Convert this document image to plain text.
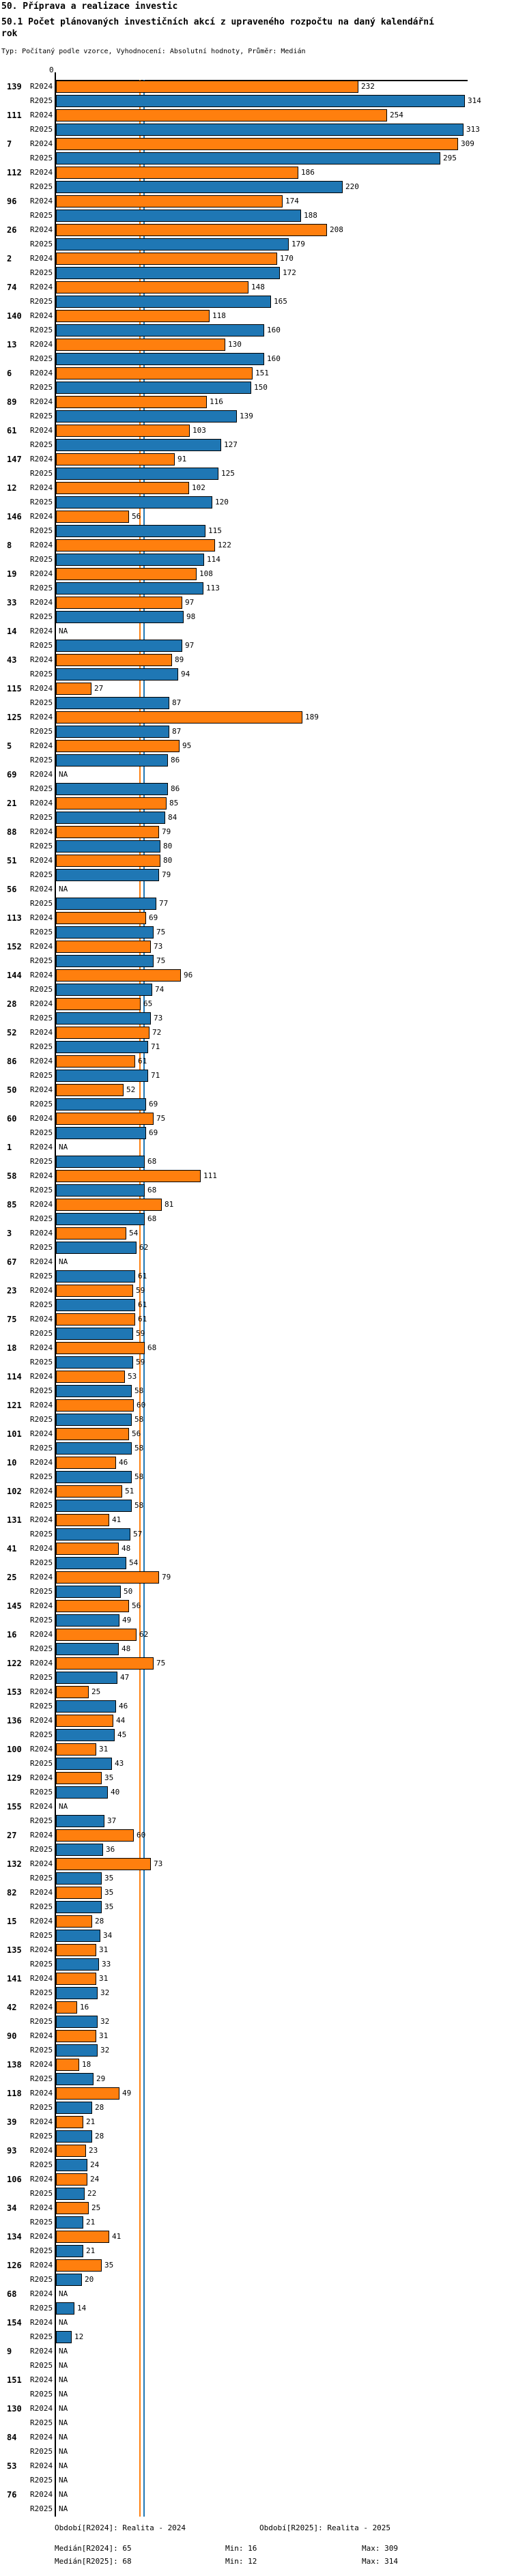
50. Příprava a realizace investic
50.1 Počet plánovaných investičních akcí z upraveného rozpočtu na daný kalendářní rok
Typ: Počítaný podle vzorce, Vyhodnocení: Absolutní hodnoty, Průměr: Medián
0
139	R2024	232
R2025	314
111	R2024	254
R2025	313
7	R2024	309
R2025	295
112	R2024	186
R2025	220
96	R2024	174
R2025	188
26	R2024	208
R2025	179
2	R2024	170
R2025	172
74	R2024	148
R2025	165
140	R2024	118
R2025	160
13	R2024	130
R2025	160
6	R2024	151
R2025	150
89	R2024	116
R2025	139
61	R2024	103
R2025	127
147	R2024	91
R2025	125
12	R2024	102
R2025	120
146	R2024	56
R2025	115
8	R2024	122
R2025	114
19	R2024	108
R2025	113
33	R2024	97
R2025	98
14	R2024 NA
R2025	97
43	R2024	89
R2025	94
115	R2024	27
R2025	87
125	R2024	189
R2025	87
5	R2024	95
R2025	86
69	R2024 NA
R2025	86
21	R2024	85
R2025	84
88	R2024	79
R2025	80
51	R2024	80
R2025	79
56	R2024 NA
R2025	77
113	R2024	69
R2025	75
152	R2024	73
R2025	75
144	R2024	96
R2025	74
28	R2024	65
R2025	73
52	R2024	72
R2025	71
86	R2024	61
R2025	71
50	R2024	52
R2025	69
60	R2024	75
R2025	69
1	R2024 NA
R2025	68
58	R2024	111
R2025	68
85	R2024	81
R2025	68
3	R2024	54
R2025	62
67	R2024 NA
R2025	61
23	R2024	59
R2025	61
75	R2024	61
R2025	59
18	R2024	68
R2025	59
114	R2024	53
R2025	58
121	R2024	60
R2025	58
101	R2024	56
R2025	58
10	R2024	46
R2025	58
102	R2024	51
R2025	58
131	R2024	41
R2025	57
41	R2024	48
R2025	54
25	R2024	79
R2025	50
145	R2024	56
R2025	49
16	R2024	62
R2025	48
122	R2024	75
R2025	47
153	R2024	25
R2025	46
136	R2024	44
R2025	45
100	R2024	31
R2025	43
129	R2024	35
R2025	40
155	R2024 NA
R2025	37
27	R2024	60
R2025	36
132	R2024	73
R2025	35
82	R2024	35
R2025	35
15	R2024	28
R2025	34
135	R2024	31
R2025	33
141	R2024	31
R2025	32
42	R2024	16
R2025	32
90	R2024	31
R2025	32
138	R2024	18
R2025	29
118	R2024	49
R2025	28
39	R2024	21
R2025	28
93	R2024	23
R2025	24
106	R2024	24
R2025	22
34	R2024	25
R2025	21
134	R2024	41
R2025	21
126	R2024	35
R2025	20
68	R2024 NA
R2025	14
154	R2024 NA
R2025	12
9	R2024 NA
R2025 NA
151	R2024 NA
R2025 NA
130	R2024 NA
R2025 NA
84	R2024 NA
R2025 NA
53	R2024 NA
R2025 NA
76	R2024 NA
R2025 NA
Období[R2024]: Realita - 2024	Období[R2025]: Realita - 2025
Medián[R2024]: 65	Min: 16	Max: 309
Medián[R2025]: 68	Min: 12	Max: 314
